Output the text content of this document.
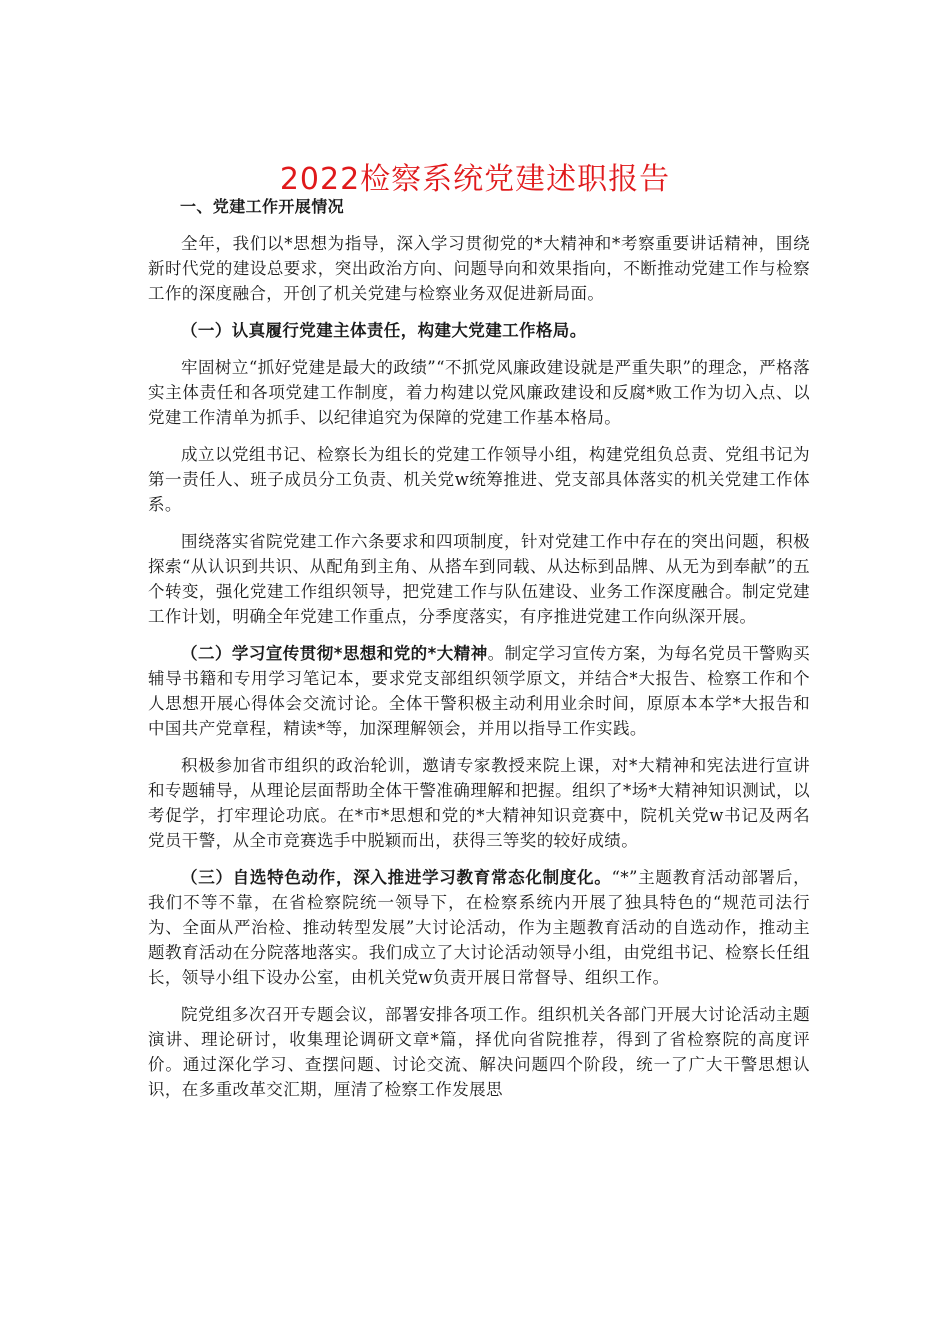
2022检察系统党建述职报告

一、党建工作开展情况

全年，我们以*思想为指导，深入学习贯彻党的*大精神和*考察重要讲话精神，围绕新时代党的建设总要求，突出政治方向、问题导向和效果指向，不断推动党建工作与检察工作的深度融合，开创了机关党建与检察业务双促进新局面。

（一）认真履行党建主体责任，构建大党建工作格局。

牢固树立“抓好党建是最大的政绩”“不抓党风廉政建设就是严重失职”的理念，严格落实主体责任和各项党建工作制度，着力构建以党风廉政建设和反腐*败工作为切入点、以党建工作清单为抓手、以纪律追究为保障的党建工作基本格局。

成立以党组书记、检察长为组长的党建工作领导小组，构建党组负总责、党组书记为第一责任人、班子成员分工负责、机关党w统筹推进、党支部具体落实的机关党建工作体系。

围绕落实省院党建工作六条要求和四项制度，针对党建工作中存在的突出问题，积极探索“从认识到共识、从配角到主角、从搭车到同载、从达标到品牌、从无为到奉献”的五个转变，强化党建工作组织领导，把党建工作与队伍建设、业务工作深度融合。制定党建工作计划，明确全年党建工作重点，分季度落实，有序推进党建工作向纵深开展。

（二）学习宣传贯彻*思想和党的*大精神。制定学习宣传方案，为每名党员干警购买辅导书籍和专用学习笔记本，要求党支部组织领学原文，并结合*大报告、检察工作和个人思想开展心得体会交流讨论。全体干警积极主动利用业余时间，原原本本学*大报告和中国共产党章程，精读*等，加深理解领会，并用以指导工作实践。

积极参加省市组织的政治轮训，邀请专家教授来院上课，对*大精神和宪法进行宣讲和专题辅导，从理论层面帮助全体干警准确理解和把握。组织了*场*大精神知识测试，以考促学，打牢理论功底。在*市*思想和党的*大精神知识竞赛中，院机关党w书记及两名党员干警，从全市竞赛选手中脱颖而出，获得三等奖的较好成绩。

（三）自选特色动作，深入推进学习教育常态化制度化。“*”主题教育活动部署后，我们不等不靠，在省检察院统一领导下，在检察系统内开展了独具特色的“规范司法行为、全面从严治检、推动转型发展”大讨论活动，作为主题教育活动的自选动作，推动主题教育活动在分院落地落实。我们成立了大讨论活动领导小组，由党组书记、检察长任组长，领导小组下设办公室，由机关党w负责开展日常督导、组织工作。

院党组多次召开专题会议，部署安排各项工作。组织机关各部门开展大讨论活动主题演讲、理论研讨，收集理论调研文章*篇，择优向省院推荐，得到了省检察院的高度评价。通过深化学习、查摆问题、讨论交流、解决问题四个阶段，统一了广大干警思想认识，在多重改革交汇期，厘清了检察工作发展思
